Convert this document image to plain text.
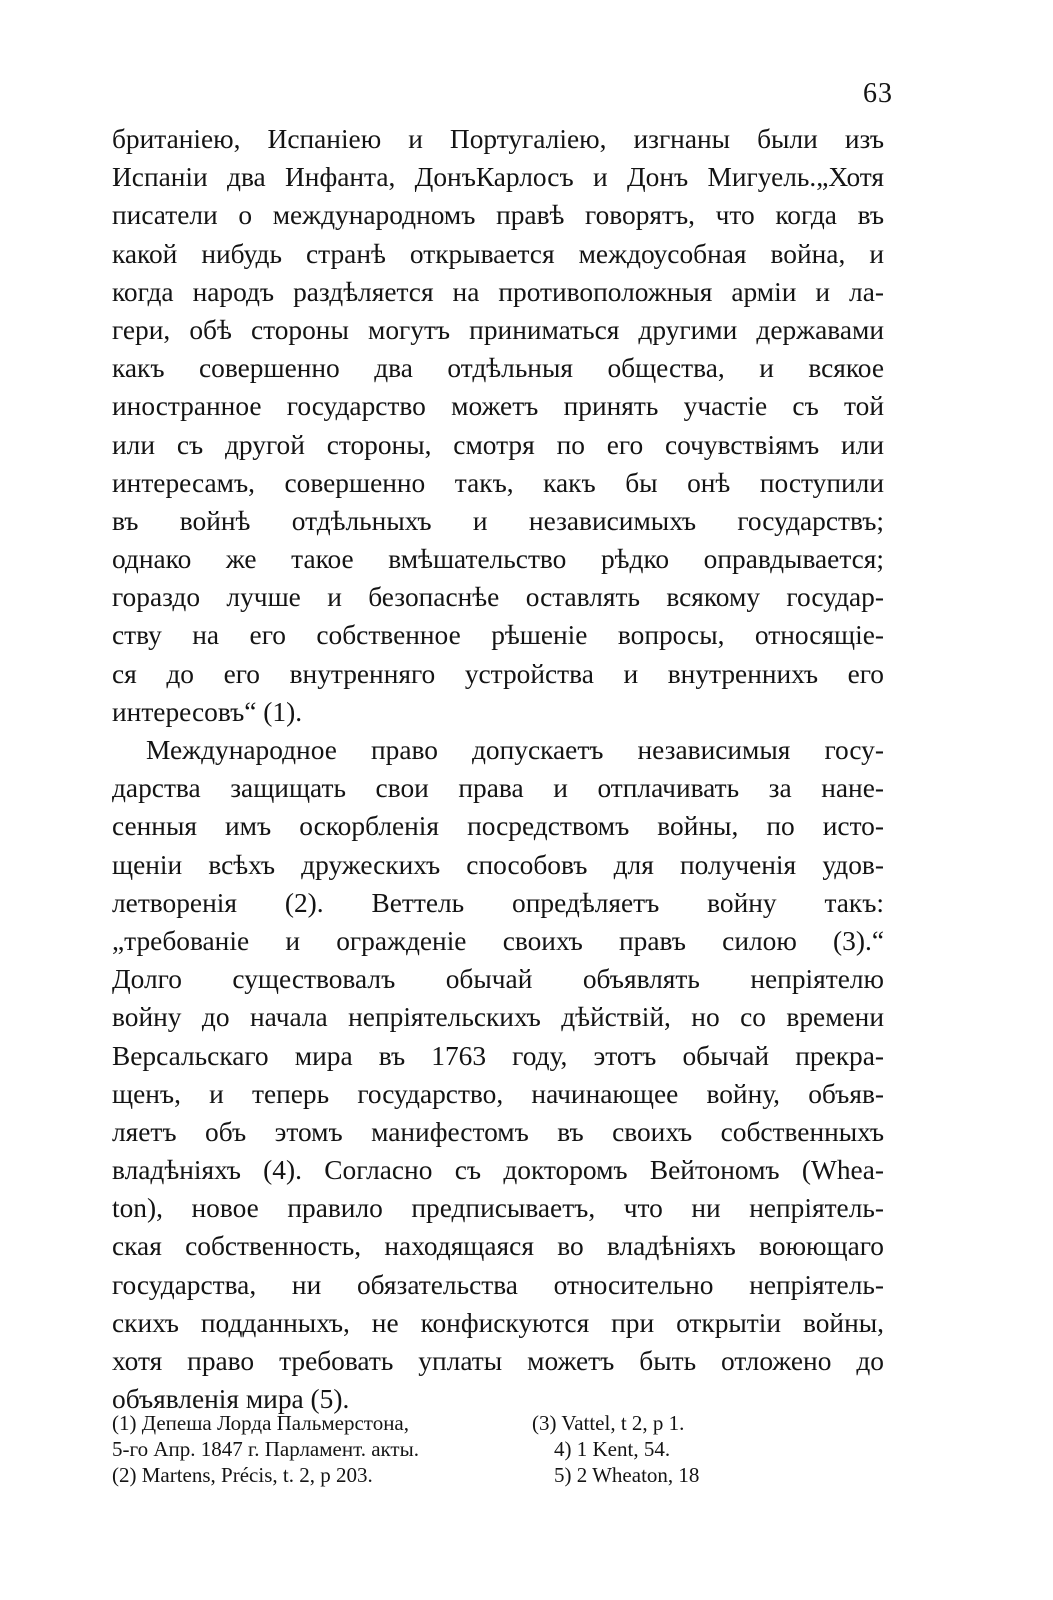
63
британіею, Испаніею и Португаліею, изгнаны были изъ
Испаніи два Инфанта, ДонъКарлосъ и Донъ Мигуель.„Хотя
писатели о международномъ правѣ говорятъ, что когда въ
какой нибудь странѣ открывается междоусобная война, и
когда народъ раздѣляется на противоположныя арміи и ла-
гери, обѣ стороны могутъ приниматься другими державами
какъ совершенно два отдѣльныя общества, и всякое
иностранное государство можетъ принять участіе съ той
или съ другой стороны, смотря по его сочувствіямъ или
интересамъ, совершенно такъ, какъ бы онѣ поступили
въ войнѣ отдѣльныхъ и независимыхъ государствъ;
однако же такое вмѣшательство рѣдко оправдывается;
гораздо лучше и безопаснѣе оставлять всякому государ-
ству на его собственное рѣшеніе вопросы, относящіе-
ся до его внутренняго устройства и внутреннихъ его
интересовъ“ (1).
Международное право допускаетъ независимыя госу-
дарства защищать свои права и отплачивать за нане-
сенныя имъ оскорбленія посредствомъ войны, по исто-
щеніи всѣхъ дружескихъ способовъ для полученія удов-
летворенія (2). Веттель опредѣляетъ войну такъ:
„требованіе и огражденіе своихъ правъ силою (3).“
Долго существовалъ обычай объявлять непріятелю
войну до начала непріятельскихъ дѣйствій, но со времени
Версальскаго мира въ 1763 году, этотъ обычай прекра-
щенъ, и теперь государство, начинающее войну, объяв-
ляетъ объ этомъ манифестомъ въ своихъ собственныхъ
владѣніяхъ (4). Согласно съ докторомъ Вейтономъ (Whea-
ton), новое правило предписываетъ, что ни непріятель-
ская собственность, находящаяся во владѣніяхъ воюющаго
государства, ни обязательства относительно непріятель-
скихъ подданныхъ, не конфискуются при открытіи войны,
хотя право требовать уплаты можетъ быть отложено до
объявленія мира (5).
(1) Депеша Лорда Пальмерстона,
5-го Апр. 1847 г. Парламент. акты.
(2) Martens, Précis, t. 2, p 203.
(3) Vattel, t 2, p 1.
4) 1 Kent, 54.
5) 2 Wheaton, 18
